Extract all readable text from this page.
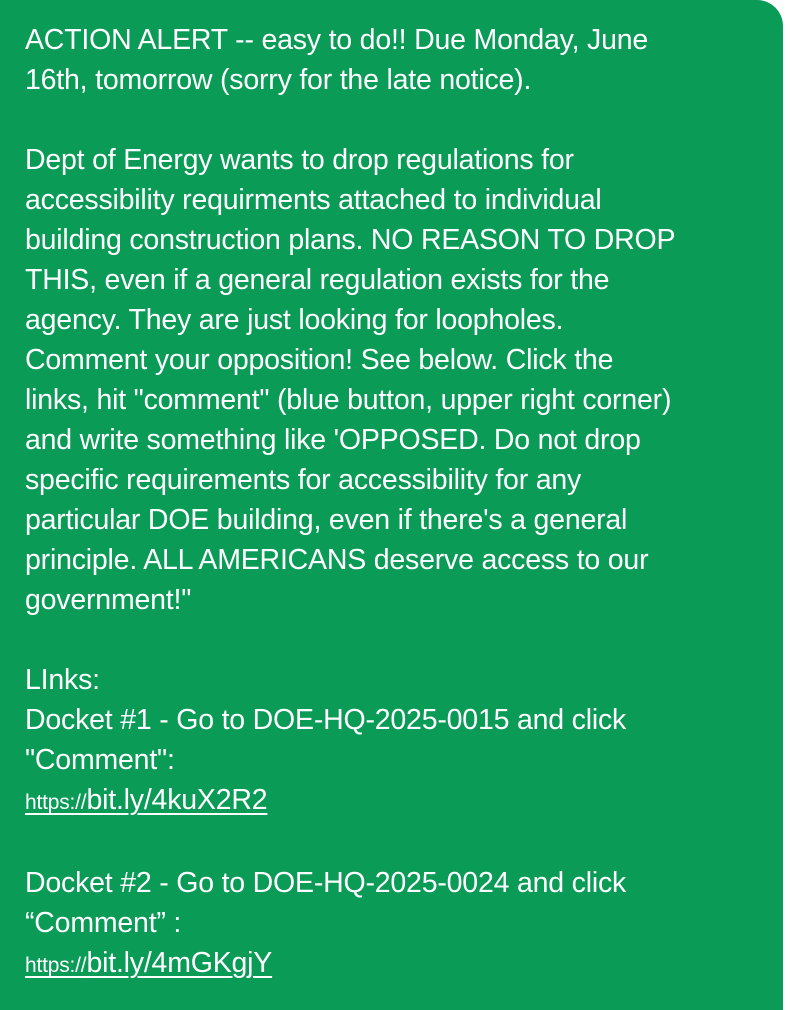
ACTION ALERT -- easy to do!! Due Monday, June
16th, tomorrow (sorry for the late notice).
Dept of Energy wants to drop regulations for
accessibility requirments attached to individual
building construction plans. NO REASON TO DROP
THIS, even if a general regulation exists for the
agency. They are just looking for loopholes.
Comment your opposition! See below. Click the
links, hit "comment" (blue button, upper right corner)
and write something like 'OPPOSED. Do not drop
specific requirements for accessibility for any
particular DOE building, even if there's a general
principle. ALL AMERICANS deserve access to our
government!"
LInks:
Docket #1 - Go to DOE-HQ-2025-0015 and click
"Comment":
https://bit.ly/4kuX2R2
Docket #2 - Go to DOE-HQ-2025-0024 and click
“Comment” :
https://bit.ly/4mGKgjY
